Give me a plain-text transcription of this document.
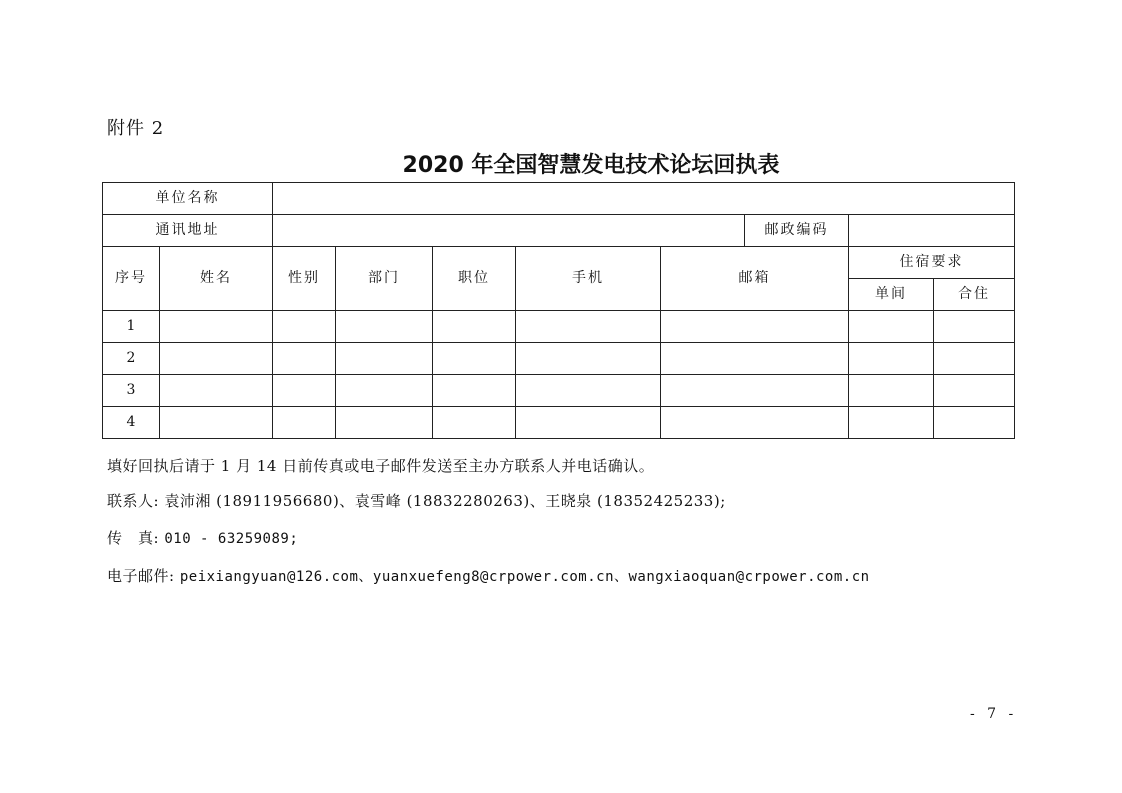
附件 2
2020 年全国智慧发电技术论坛回执表
单位名称									
通讯地址							邮政编码		
序号	姓名	性别	部门	职位	手机	邮箱		住宿要求	
								单间	合住
1									
2									
3									
4									
填好回执后请于 1 月 14 日前传真或电子邮件发送至主办方联系人并电话确认。
联系人: 袁沛湘 (18911956680)、袁雪峰 (18832280263)、王晓泉 (18352425233);
传　真: 010 - 63259089;
电子邮件: peixiangyuan@126.com、yuanxuefeng8@crpower.com.cn、wangxiaoquan@crpower.com.cn
- 7 -
